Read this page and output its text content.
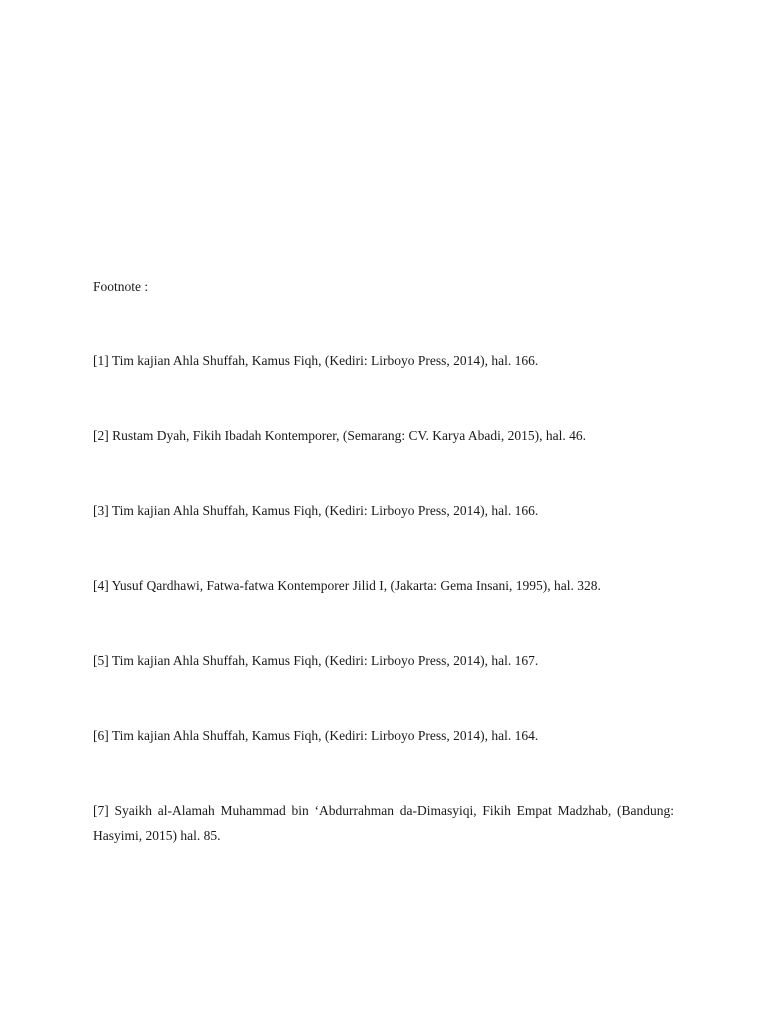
Footnote :

[1] Tim kajian Ahla Shuffah, Kamus Fiqh, (Kediri: Lirboyo Press, 2014), hal. 166.
[2] Rustam Dyah, Fikih Ibadah Kontemporer, (Semarang: CV. Karya Abadi, 2015), hal. 46.
[3] Tim kajian Ahla Shuffah, Kamus Fiqh, (Kediri: Lirboyo Press, 2014), hal. 166.
[4] Yusuf Qardhawi, Fatwa-fatwa Kontemporer Jilid I, (Jakarta: Gema Insani, 1995), hal. 328.
[5] Tim kajian Ahla Shuffah, Kamus Fiqh, (Kediri: Lirboyo Press, 2014), hal. 167.
[6] Tim kajian Ahla Shuffah, Kamus Fiqh, (Kediri: Lirboyo Press, 2014), hal. 164.
[7] Syaikh al-Alamah Muhammad bin ‘Abdurrahman da-Dimasyiqi, Fikih Empat Madzhab, (Bandung: Hasyimi, 2015) hal. 85.
